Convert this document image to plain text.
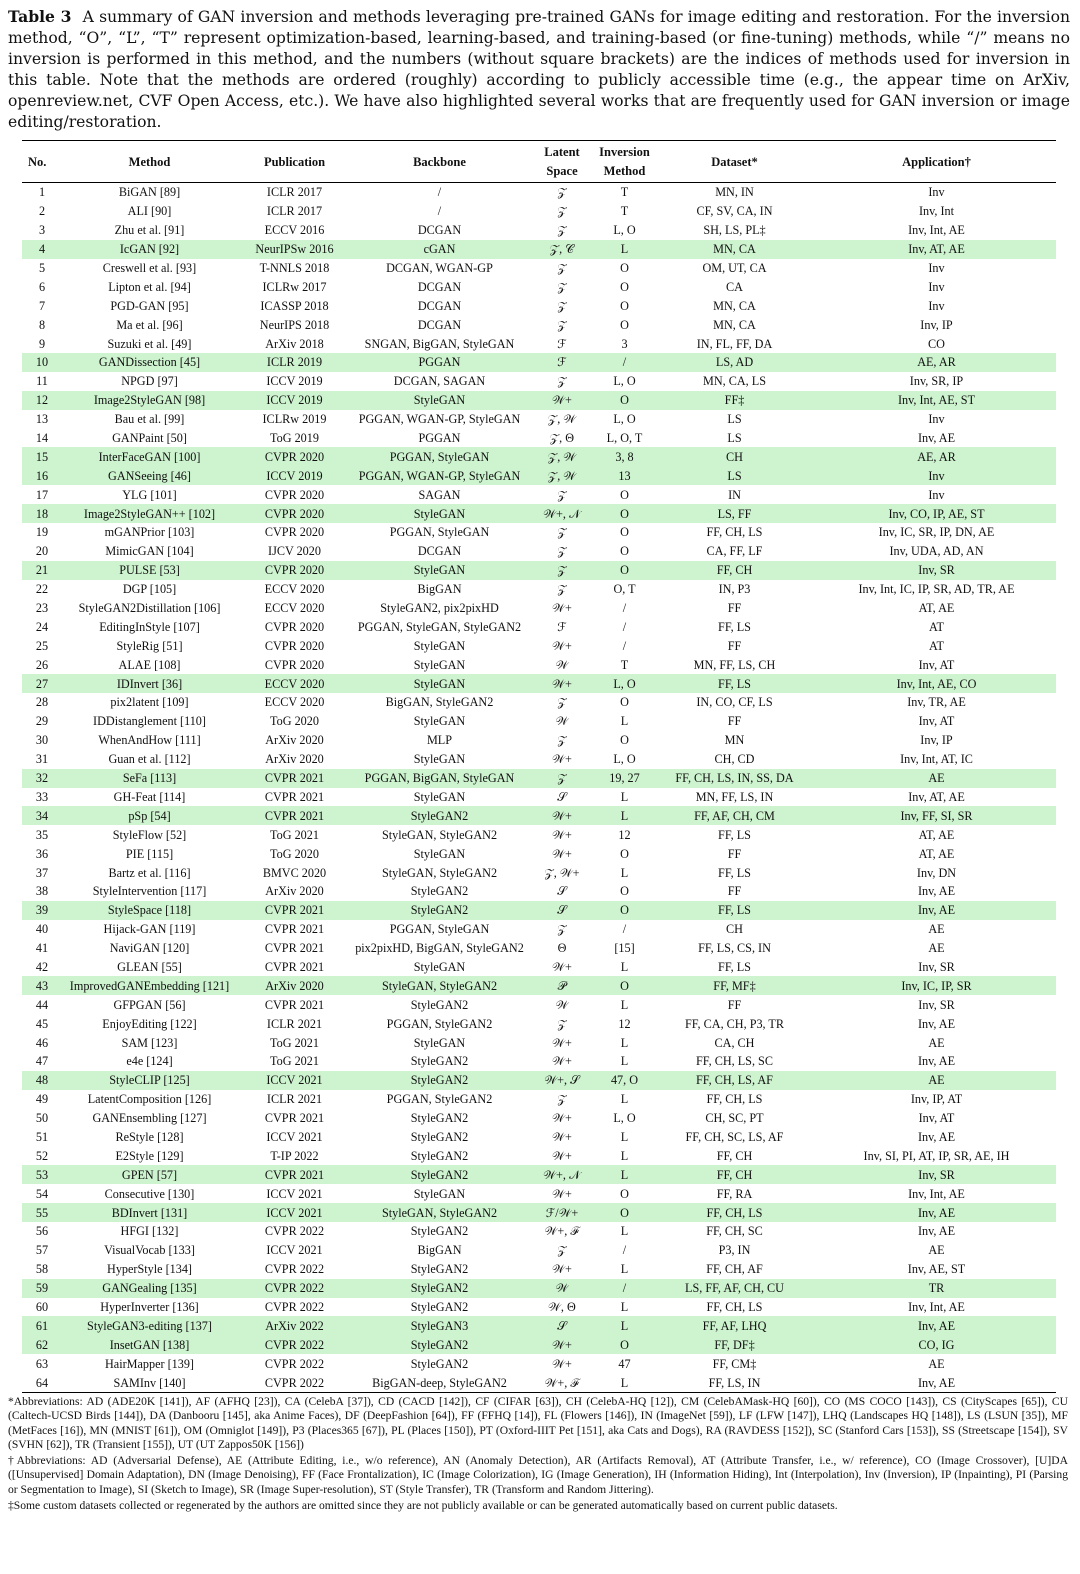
Table 3 A summary of GAN inversion and methods leveraging pre-trained GANs for image editing and restoration. For the inversion method, “O”, “L”, “T” represent optimization-based, learning-based, and training-based (or fine-tuning) methods, while “/” means no inversion is performed in this method, and the numbers (without square brackets) are the indices of methods used for inversion in this table. Note that the methods are ordered (roughly) according to publicly accessible time (e.g., the appear time on ArXiv, openreview.net, CVF Open Access, etc.). We have also highlighted several works that are frequently used for GAN inversion or image editing/restoration.
No.	Method	Publication	Backbone	Latent	Inversion	Dataset*	Application†
				Space	Method		
1	BiGAN [89]	ICLR 2017	/	𝒵	T	MN, IN	Inv
2	ALI [90]	ICLR 2017	/	𝒵	T	CF, SV, CA, IN	Inv, Int
3	Zhu et al. [91]	ECCV 2016	DCGAN	𝒵	L, O	SH, LS, PL‡	Inv, Int, AE
4	IcGAN [92]	NeurIPSw 2016	cGAN	𝒵, 𝒞	L	MN, CA	Inv, AT, AE
5	Creswell et al. [93]	T-NNLS 2018	DCGAN, WGAN-GP	𝒵	O	OM, UT, CA	Inv
6	Lipton et al. [94]	ICLRw 2017	DCGAN	𝒵	O	CA	Inv
7	PGD-GAN [95]	ICASSP 2018	DCGAN	𝒵	O	MN, CA	Inv
8	Ma et al. [96]	NeurIPS 2018	DCGAN	𝒵	O	MN, CA	Inv, IP
9	Suzuki et al. [49]	ArXiv 2018	SNGAN, BigGAN, StyleGAN	ℱ	3	IN, FL, FF, DA	CO
10	GANDissection [45]	ICLR 2019	PGGAN	ℱ	/	LS, AD	AE, AR
11	NPGD [97]	ICCV 2019	DCGAN, SAGAN	𝒵	L, O	MN, CA, LS	Inv, SR, IP
12	Image2StyleGAN [98]	ICCV 2019	StyleGAN	𝒲+	O	FF‡	Inv, Int, AE, ST
13	Bau et al. [99]	ICLRw 2019	PGGAN, WGAN-GP, StyleGAN	𝒵, 𝒲	L, O	LS	Inv
14	GANPaint [50]	ToG 2019	PGGAN	𝒵, Θ	L, O, T	LS	Inv, AE
15	InterFaceGAN [100]	CVPR 2020	PGGAN, StyleGAN	𝒵, 𝒲	3, 8	CH	AE, AR
16	GANSeeing [46]	ICCV 2019	PGGAN, WGAN-GP, StyleGAN	𝒵, 𝒲	13	LS	Inv
17	YLG [101]	CVPR 2020	SAGAN	𝒵	O	IN	Inv
18	Image2StyleGAN++ [102]	CVPR 2020	StyleGAN	𝒲+, 𝒩	O	LS, FF	Inv, CO, IP, AE, ST
19	mGANPrior [103]	CVPR 2020	PGGAN, StyleGAN	𝒵	O	FF, CH, LS	Inv, IC, SR, IP, DN, AE
20	MimicGAN [104]	IJCV 2020	DCGAN	𝒵	O	CA, FF, LF	Inv, UDA, AD, AN
21	PULSE [53]	CVPR 2020	StyleGAN	𝒵	O	FF, CH	Inv, SR
22	DGP [105]	ECCV 2020	BigGAN	𝒵	O, T	IN, P3	Inv, Int, IC, IP, SR, AD, TR, AE
23	StyleGAN2Distillation [106]	ECCV 2020	StyleGAN2, pix2pixHD	𝒲+	/	FF	AT, AE
24	EditingInStyle [107]	CVPR 2020	PGGAN, StyleGAN, StyleGAN2	ℱ	/	FF, LS	AT
25	StyleRig [51]	CVPR 2020	StyleGAN	𝒲+	/	FF	AT
26	ALAE [108]	CVPR 2020	StyleGAN	𝒲	T	MN, FF, LS, CH	Inv, AT
27	IDInvert [36]	ECCV 2020	StyleGAN	𝒲+	L, O	FF, LS	Inv, Int, AE, CO
28	pix2latent [109]	ECCV 2020	BigGAN, StyleGAN2	𝒵	O	IN, CO, CF, LS	Inv, TR, AE
29	IDDistanglement [110]	ToG 2020	StyleGAN	𝒲	L	FF	Inv, AT
30	WhenAndHow [111]	ArXiv 2020	MLP	𝒵	O	MN	Inv, IP
31	Guan et al. [112]	ArXiv 2020	StyleGAN	𝒲+	L, O	CH, CD	Inv, Int, AT, IC
32	SeFa [113]	CVPR 2021	PGGAN, BigGAN, StyleGAN	𝒵	19, 27	FF, CH, LS, IN, SS, DA	AE
33	GH-Feat [114]	CVPR 2021	StyleGAN	𝒮	L	MN, FF, LS, IN	Inv, AT, AE
34	pSp [54]	CVPR 2021	StyleGAN2	𝒲+	L	FF, AF, CH, CM	Inv, FF, SI, SR
35	StyleFlow [52]	ToG 2021	StyleGAN, StyleGAN2	𝒲+	12	FF, LS	AT, AE
36	PIE [115]	ToG 2020	StyleGAN	𝒲+	O	FF	AT, AE
37	Bartz et al. [116]	BMVC 2020	StyleGAN, StyleGAN2	𝒵, 𝒲+	L	FF, LS	Inv, DN
38	StyleIntervention [117]	ArXiv 2020	StyleGAN2	𝒮	O	FF	Inv, AE
39	StyleSpace [118]	CVPR 2021	StyleGAN2	𝒮	O	FF, LS	Inv, AE
40	Hijack-GAN [119]	CVPR 2021	PGGAN, StyleGAN	𝒵	/	CH	AE
41	NaviGAN [120]	CVPR 2021	pix2pixHD, BigGAN, StyleGAN2	Θ	[15]	FF, LS, CS, IN	AE
42	GLEAN [55]	CVPR 2021	StyleGAN	𝒲+	L	FF, LS	Inv, SR
43	ImprovedGANEmbedding [121]	ArXiv 2020	StyleGAN, StyleGAN2	𝒫	O	FF, MF‡	Inv, IC, IP, SR
44	GFPGAN [56]	CVPR 2021	StyleGAN2	𝒲	L	FF	Inv, SR
45	EnjoyEditing [122]	ICLR 2021	PGGAN, StyleGAN2	𝒵	12	FF, CA, CH, P3, TR	Inv, AE
46	SAM [123]	ToG 2021	StyleGAN	𝒲+	L	CA, CH	AE
47	e4e [124]	ToG 2021	StyleGAN2	𝒲+	L	FF, CH, LS, SC	Inv, AE
48	StyleCLIP [125]	ICCV 2021	StyleGAN2	𝒲+, 𝒮	47, O	FF, CH, LS, AF	AE
49	LatentComposition [126]	ICLR 2021	PGGAN, StyleGAN2	𝒵	L	FF, CH, LS	Inv, IP, AT
50	GANEnsembling [127]	CVPR 2021	StyleGAN2	𝒲+	L, O	CH, SC, PT	Inv, AT
51	ReStyle [128]	ICCV 2021	StyleGAN2	𝒲+	L	FF, CH, SC, LS, AF	Inv, AE
52	E2Style [129]	T-IP 2022	StyleGAN2	𝒲+	L	FF, CH	Inv, SI, PI, AT, IP, SR, AE, IH
53	GPEN [57]	CVPR 2021	StyleGAN2	𝒲+, 𝒩	L	FF, CH	Inv, SR
54	Consecutive [130]	ICCV 2021	StyleGAN	𝒲+	O	FF, RA	Inv, Int, AE
55	BDInvert [131]	ICCV 2021	StyleGAN, StyleGAN2	ℱ/𝒲+	O	FF, CH, LS	Inv, AE
56	HFGI [132]	CVPR 2022	StyleGAN2	𝒲+, ℱ	L	FF, CH, SC	Inv, AE
57	VisualVocab [133]	ICCV 2021	BigGAN	𝒵	/	P3, IN	AE
58	HyperStyle [134]	CVPR 2022	StyleGAN2	𝒲+	L	FF, CH, AF	Inv, AE, ST
59	GANGealing [135]	CVPR 2022	StyleGAN2	𝒲	/	LS, FF, AF, CH, CU	TR
60	HyperInverter [136]	CVPR 2022	StyleGAN2	𝒲, Θ	L	FF, CH, LS	Inv, Int, AE
61	StyleGAN3-editing [137]	ArXiv 2022	StyleGAN3	𝒮	L	FF, AF, LHQ	Inv, AE
62	InsetGAN [138]	CVPR 2022	StyleGAN2	𝒲+	O	FF, DF‡	CO, IG
63	HairMapper [139]	CVPR 2022	StyleGAN2	𝒲+	47	FF, CM‡	AE
64	SAMInv [140]	CVPR 2022	BigGAN-deep, StyleGAN2	𝒲+, ℱ	L	FF, LS, IN	Inv, AE

*Abbreviations: AD (ADE20K [141]), AF (AFHQ [23]), CA (CelebA [37]), CD (CACD [142]), CF (CIFAR [63]), CH (CelebA-HQ [12]), CM (CelebAMask-HQ [60]), CO (MS COCO [143]), CS (CityScapes [65]), CU (Caltech-UCSD Birds [144]), DA (Danbooru [145], aka Anime Faces), DF (DeepFashion [64]), FF (FFHQ [14]), FL (Flowers [146]), IN (ImageNet [59]), LF (LFW [147]), LHQ (Landscapes HQ [148]), LS (LSUN [35]), MF (MetFaces [16]), MN (MNIST [61]), OM (Omniglot [149]), P3 (Places365 [67]), PL (Places [150]), PT (Oxford-IIIT Pet [151], aka Cats and Dogs), RA (RAVDESS [152]), SC (Stanford Cars [153]), SS (Streetscape [154]), SV (SVHN [62]), TR (Transient [155]), UT (UT Zappos50K [156])

†Abbreviations: AD (Adversarial Defense), AE (Attribute Editing, i.e., w/o reference), AN (Anomaly Detection), AR (Artifacts Removal), AT (Attribute Transfer, i.e., w/ reference), CO (Image Crossover), [U]DA ([Unsupervised] Domain Adaptation), DN (Image Denoising), FF (Face Frontalization), IC (Image Colorization), IG (Image Generation), IH (Information Hiding), Int (Interpolation), Inv (Inversion), IP (Inpainting), PI (Parsing or Segmentation to Image), SI (Sketch to Image), SR (Image Super-resolution), ST (Style Transfer), TR (Transform and Random Jittering).

‡Some custom datasets collected or regenerated by the authors are omitted since they are not publicly available or can be generated automatically based on current public datasets.
